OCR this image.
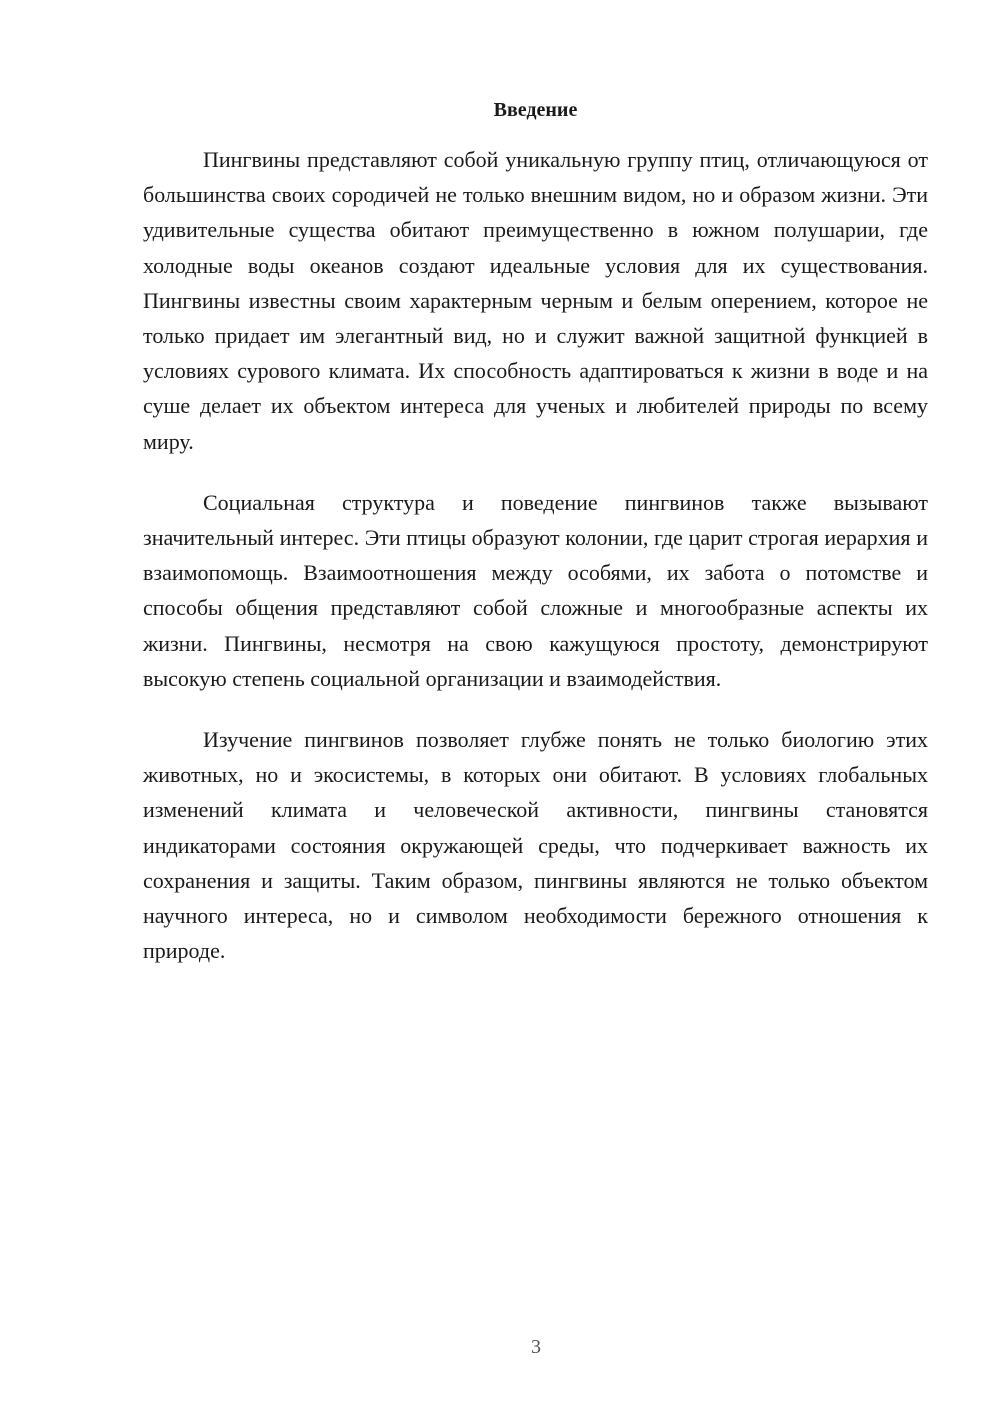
Введение

Пингвины представляют собой уникальную группу птиц, отличающуюся от большинства своих сородичей не только внешним видом, но и образом жизни. Эти удивительные существа обитают преимущественно в южном полушарии, где холодные воды океанов создают идеальные условия для их существования. Пингвины известны своим характерным черным и белым оперением, которое не только придает им элегантный вид, но и служит важной защитной функцией в условиях сурового климата. Их способность адаптироваться к жизни в воде и на суше делает их объектом интереса для ученых и любителей природы по всему миру.

Социальная структура и поведение пингвинов также вызывают значительный интерес. Эти птицы образуют колонии, где царит строгая иерархия и взаимопомощь. Взаимоотношения между особями, их забота о потомстве и способы общения представляют собой сложные и многообразные аспекты их жизни. Пингвины, несмотря на свою кажущуюся простоту, демонстрируют высокую степень социальной организации и взаимодействия.

Изучение пингвинов позволяет глубже понять не только биологию этих животных, но и экосистемы, в которых они обитают. В условиях глобальных изменений климата и человеческой активности, пингвины становятся индикаторами состояния окружающей среды, что подчеркивает важность их сохранения и защиты. Таким образом, пингвины являются не только объектом научного интереса, но и символом необходимости бережного отношения к природе.

3
